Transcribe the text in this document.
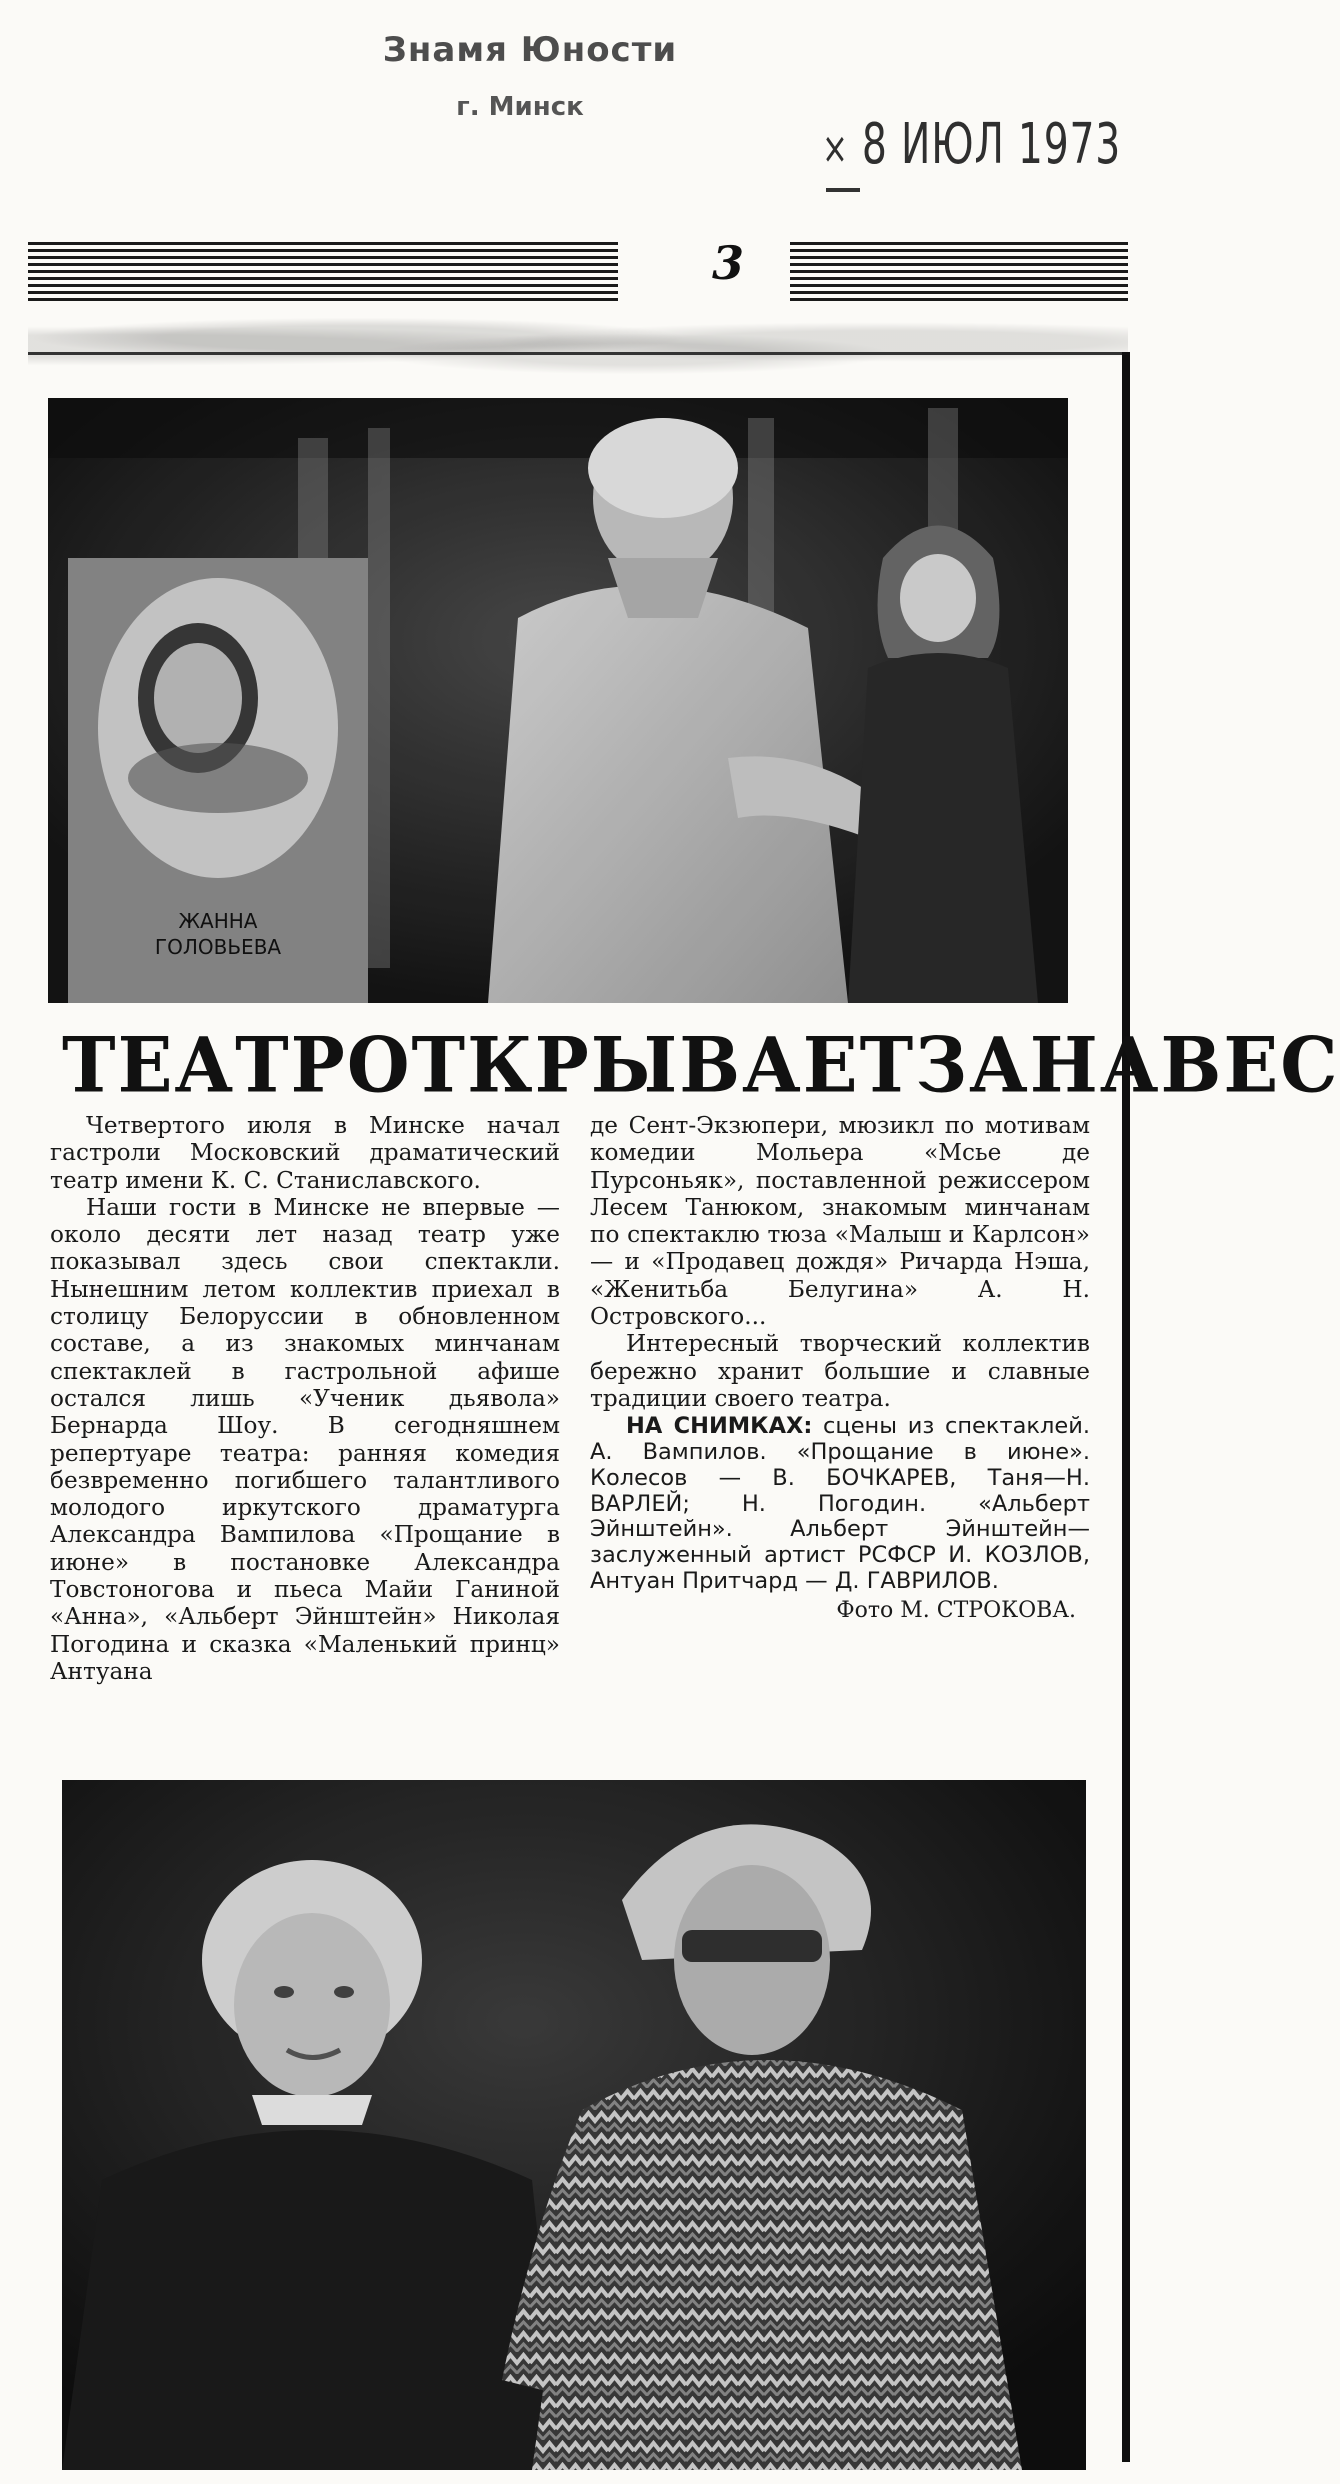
Знамя Юности
г. Минск
× 8 ИЮЛ 1973
3
ЖАННА
ГОЛОВЬЕВА
ТЕАТР ОТКРЫВАЕТ ЗАНАВЕС

Четвертого июля в Минске начал гастроли Московский драматический театр имени К. С. Станиславского.

Наши гости в Минске не впервые — около десяти лет назад театр уже показывал здесь свои спектакли. Нынешним летом коллектив приехал в столицу Белоруссии в обновленном составе, а из знакомых минчанам спектаклей в гастрольной афише остался лишь «Ученик дьявола» Бернарда Шоу. В сегодняшнем репертуаре театра: ранняя комедия безвременно погибшего талантливого молодого иркутского драматурга Александра Вампилова «Прощание в июне» в постановке Александра Товстоногова и пьеса Майи Ганиной «Анна», «Альберт Эйнштейн» Николая Погодина и сказка «Маленький принц» Антуана

де Сент-Экзюпери, мюзикл по мотивам комедии Мольера «Мсье де Пурсоньяк», поставленной режиссером Лесем Танюком, знакомым минчанам по спектаклю тюза «Малыш и Карлсон» — и «Продавец дождя» Ричарда Нэша, «Женитьба Белугина» А. Н. Островского...

Интересный творческий коллектив бережно хранит большие и славные традиции своего театра.

НА СНИМКАХ: сцены из спектаклей. А. Вампилов. «Прощание в июне». Колесов — В. БОЧКАРЕВ, Таня—Н. ВАРЛЕЙ; Н. Погодин. «Альберт Эйнштейн». Альберт Эйнштейн—заслуженный артист РСФСР И. КОЗЛОВ, Антуан Притчард — Д. ГАВРИЛОВ.
Фото М. СТРОКОВА.
